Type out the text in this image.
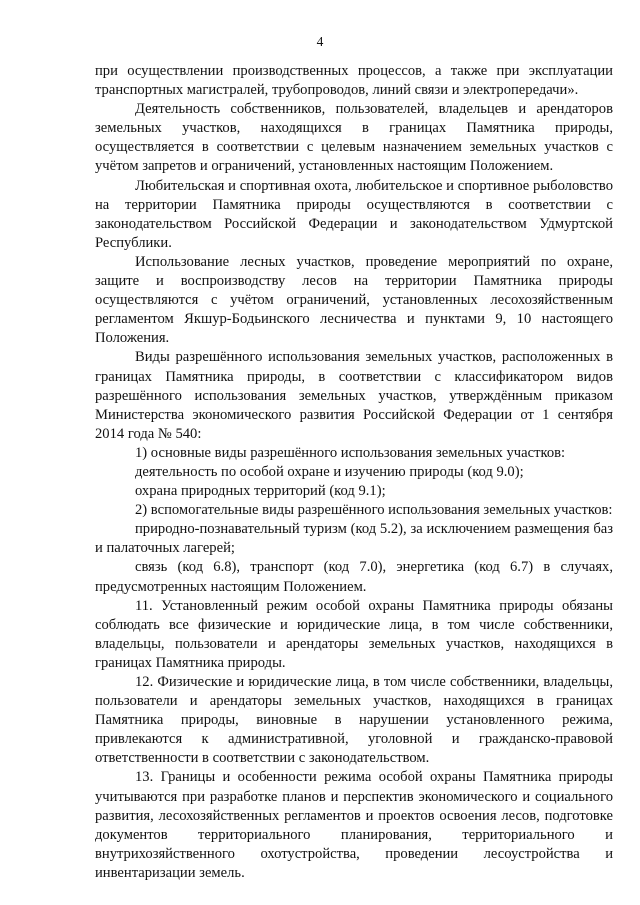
4

при осуществлении производственных процессов, а также при эксплуатации транспортных магистралей, трубопроводов, линий связи и электропередачи».

Деятельность собственников, пользователей, владельцев и арендаторов земельных участков, находящихся в границах Памятника природы, осуществляется в соответствии с целевым назначением земельных участков с учётом запретов и ограничений, установленных настоящим Положением.

Любительская и спортивная охота, любительское и спортивное рыболовство на территории Памятника природы осуществляются в соответствии с законодательством Российской Федерации и законодательством Удмуртской Республики.

Использование лесных участков, проведение мероприятий по охране, защите и воспроизводству лесов на территории Памятника природы осуществляются с учётом ограничений, установленных лесохозяйственным регламентом Якшур-Бодьинского лесничества и пунктами 9, 10 настоящего Положения.

Виды разрешённого использования земельных участков, расположенных в границах Памятника природы, в соответствии с классификатором видов разрешённого использования земельных участков, утверждённым приказом Министерства экономического развития Российской Федерации от 1 сентября 2014 года № 540:

1) основные виды разрешённого использования земельных участков:

деятельность по особой охране и изучению природы (код 9.0);

охрана природных территорий (код 9.1);

2) вспомогательные виды разрешённого использования земельных участков:

природно-познавательный туризм (код 5.2), за исключением размещения баз и палаточных лагерей;

связь (код 6.8), транспорт (код 7.0), энергетика (код 6.7) в случаях, предусмотренных настоящим Положением.

11. Установленный режим особой охраны Памятника природы обязаны соблюдать все физические и юридические лица, в том числе собственники, владельцы, пользователи и арендаторы земельных участков, находящихся в границах Памятника природы.

12. Физические и юридические лица, в том числе собственники, владельцы, пользователи и арендаторы земельных участков, находящихся в границах Памятника природы, виновные в нарушении установленного режима, привлекаются к административной, уголовной и гражданско-правовой ответственности в соответствии с законодательством.

13. Границы и особенности режима особой охраны Памятника природы учитываются при разработке планов и перспектив экономического и социального развития, лесохозяйственных регламентов и проектов освоения лесов, подготовке документов территориального планирования, территориального и внутрихозяйственного охотустройства, проведении лесоустройства и инвентаризации земель.
